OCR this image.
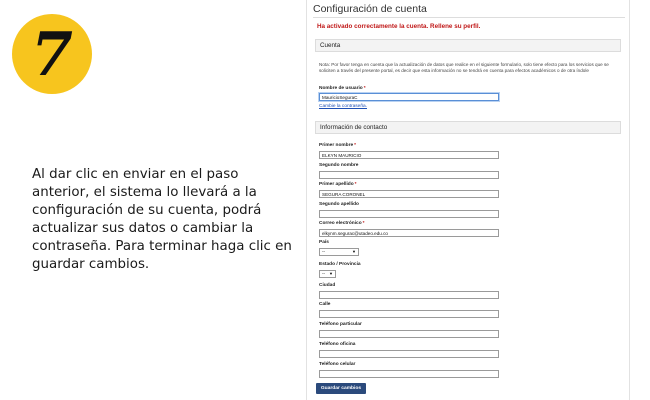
7
Al dar clic en enviar en el paso anterior, el sistema lo llevará a la configuración de su cuenta, podrá actualizar sus datos o cambiar la contraseña. Para terminar haga clic en guardar cambios.
Configuración de cuenta
Ha activado correctamente la cuenta. Rellene su perfil.
Cuenta
Nota: Por favor tenga en cuenta que la actualización de datos que realice en el siguiente formulario, solo tiene efecto para los servicios que se soliciten a través del presente portal, es decir que esta información no se tendrá en cuenta para efectos académicos o de otra índole
Nombre de usuario*
MauricioSeguraC
Cambie la contraseña.
Información de contacto
Primer nombre*
ELKYN MAURICIO
Segundo nombre
Primer apellido*
SEGURA CORONEL
Segundo apellido
Correo electrónico*
elkynm.segurac@utadeo.edu.co
País
--	▼
Estado / Provincia
-- ▼
Ciudad
Calle
Teléfono particular
Teléfono oficina
Teléfono celular
Guardar cambios
